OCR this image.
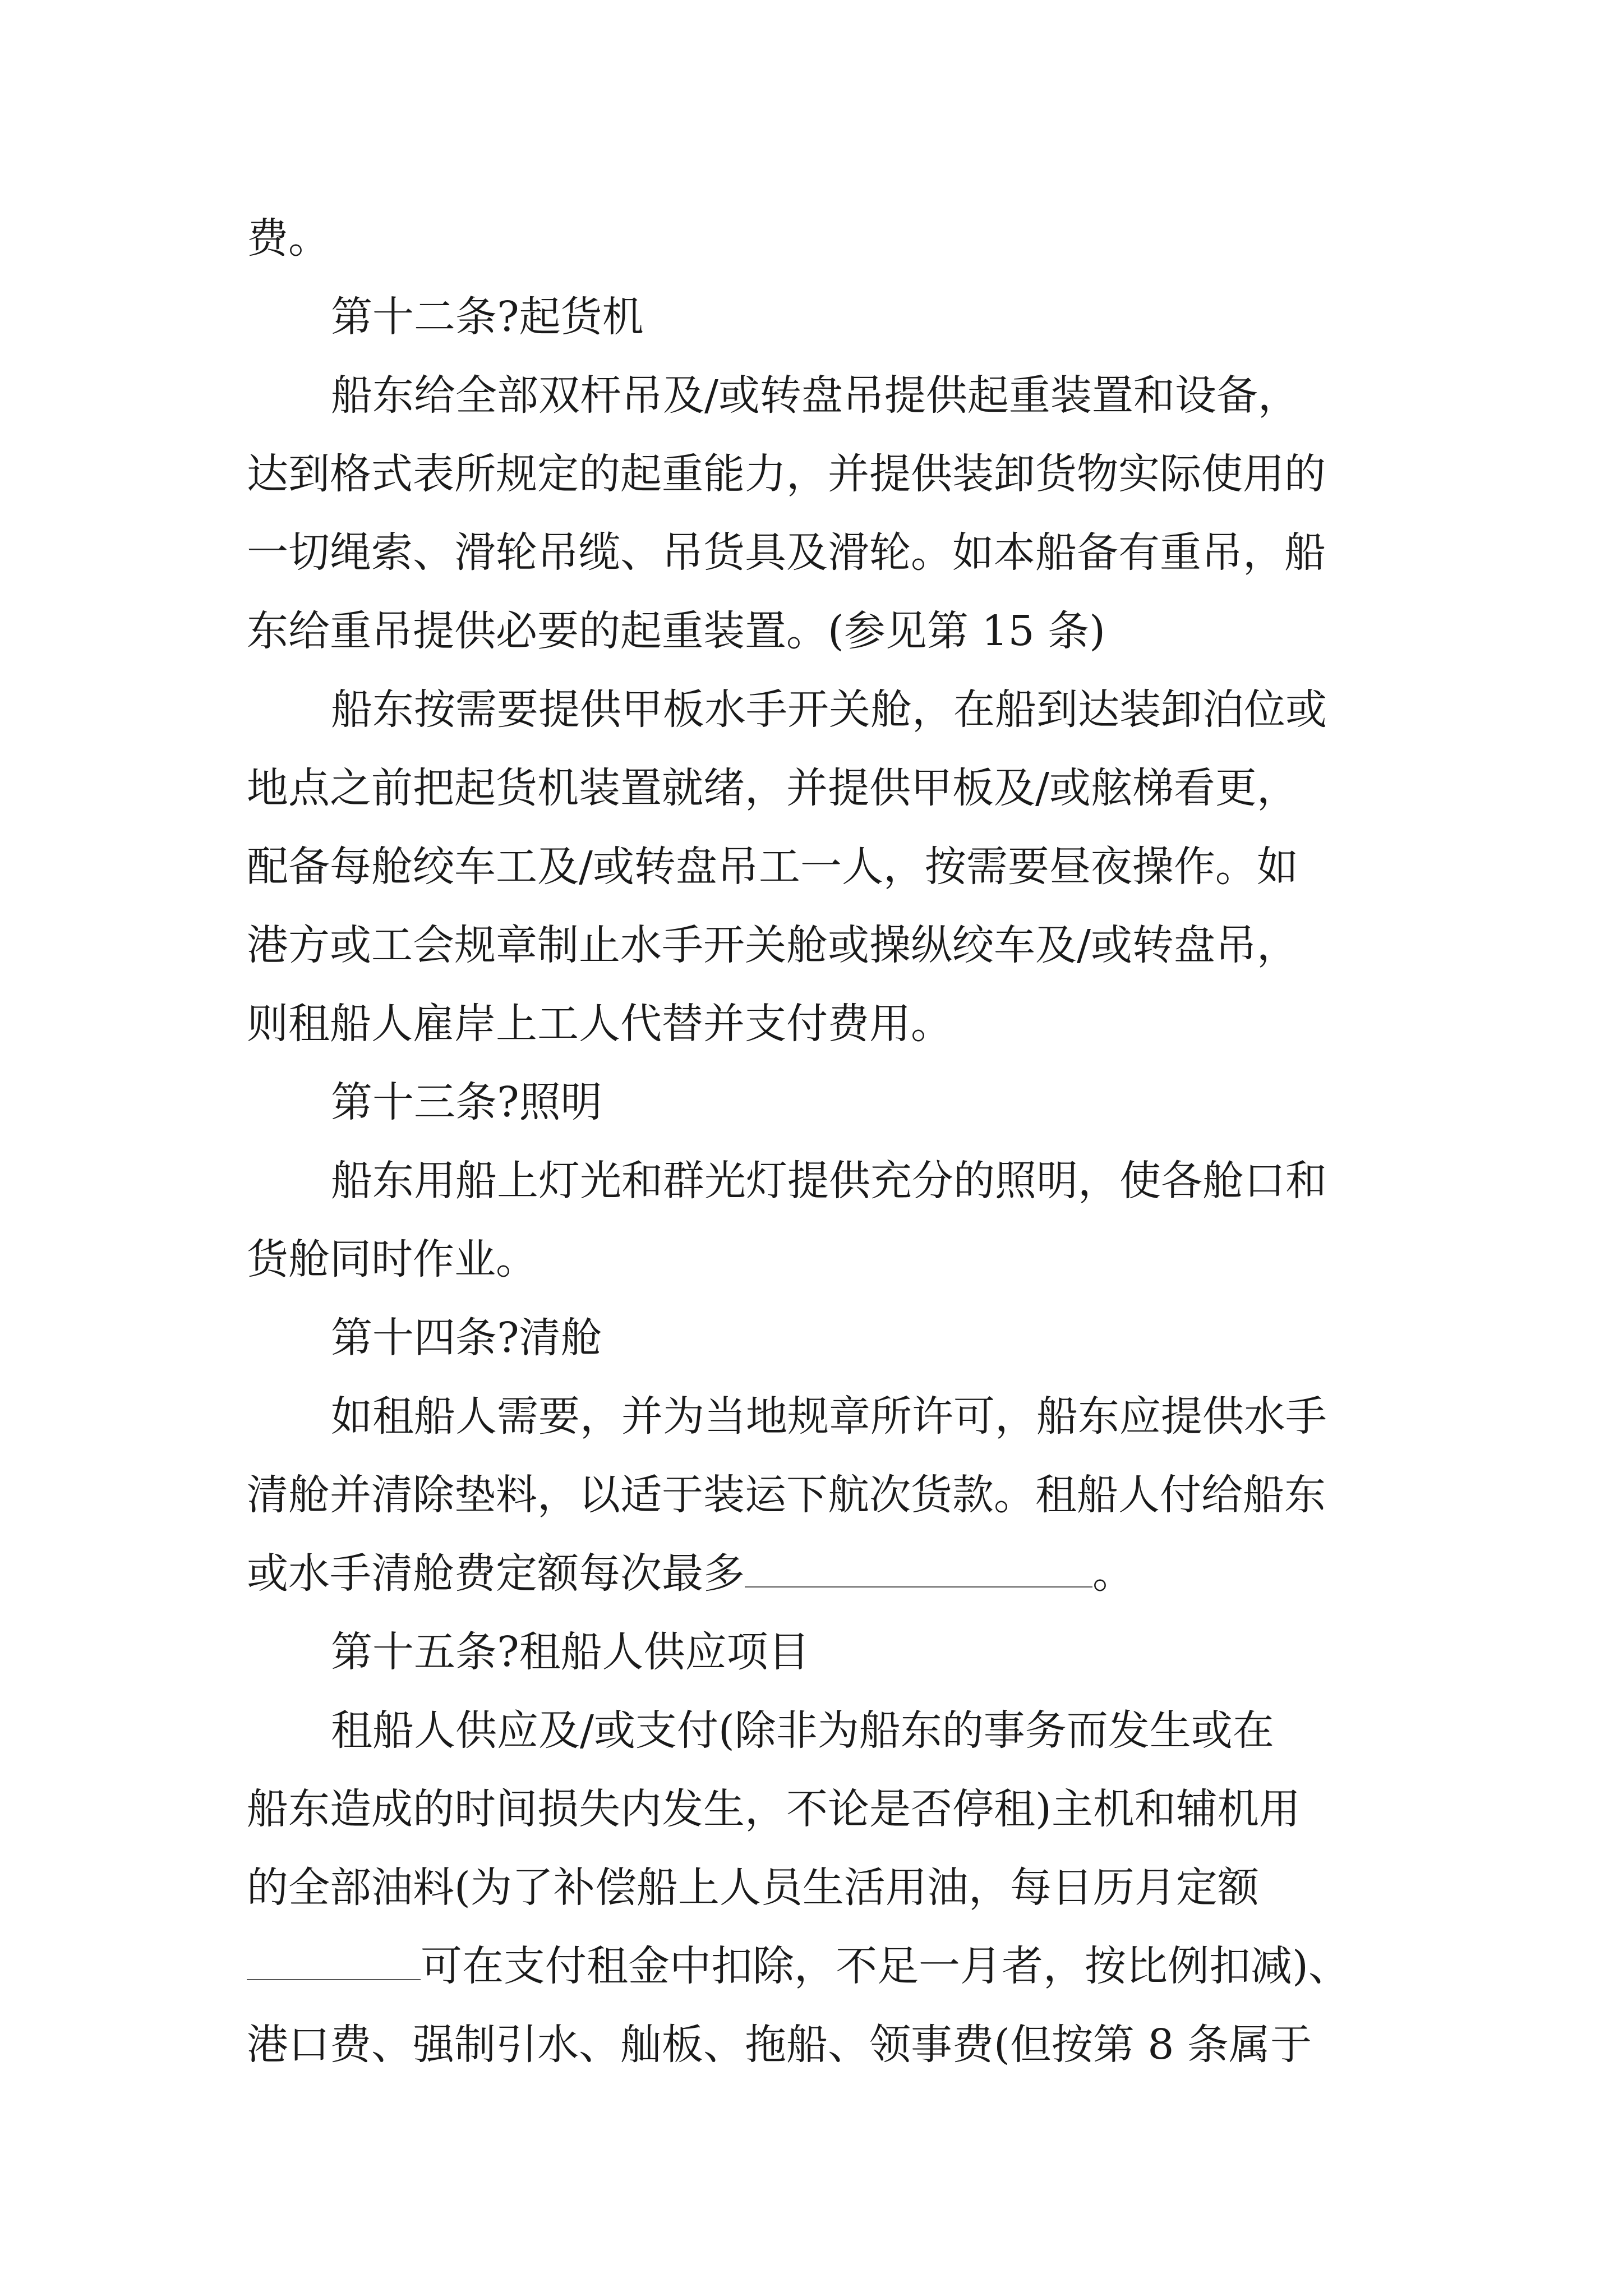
费。

第十二条?起货机

船东给全部双杆吊及/或转盘吊提供起重装置和设备，

达到格式表所规定的起重能力，并提供装卸货物实际使用的

一切绳索、滑轮吊缆、吊货具及滑轮。如本船备有重吊，船

东给重吊提供必要的起重装置。(参见第 15 条)

船东按需要提供甲板水手开关舱，在船到达装卸泊位或

地点之前把起货机装置就绪，并提供甲板及/或舷梯看更，

配备每舱绞车工及/或转盘吊工一人，按需要昼夜操作。如

港方或工会规章制止水手开关舱或操纵绞车及/或转盘吊，

则租船人雇岸上工人代替并支付费用。

第十三条?照明

船东用船上灯光和群光灯提供充分的照明，使各舱口和

货舱同时作业。

第十四条?清舱

如租船人需要，并为当地规章所许可，船东应提供水手

清舱并清除垫料，以适于装运下航次货款。租船人付给船东

或水手清舱费定额每次最多	。

第十五条?租船人供应项目

租船人供应及/或支付(除非为船东的事务而发生或在

船东造成的时间损失内发生，不论是否停租)主机和辅机用

的全部油料(为了补偿船上人员生活用油，每日历月定额

可在支付租金中扣除，不足一月者，按比例扣减)、

港口费、强制引水、舢板、拖船、领事费(但按第 8 条属于
